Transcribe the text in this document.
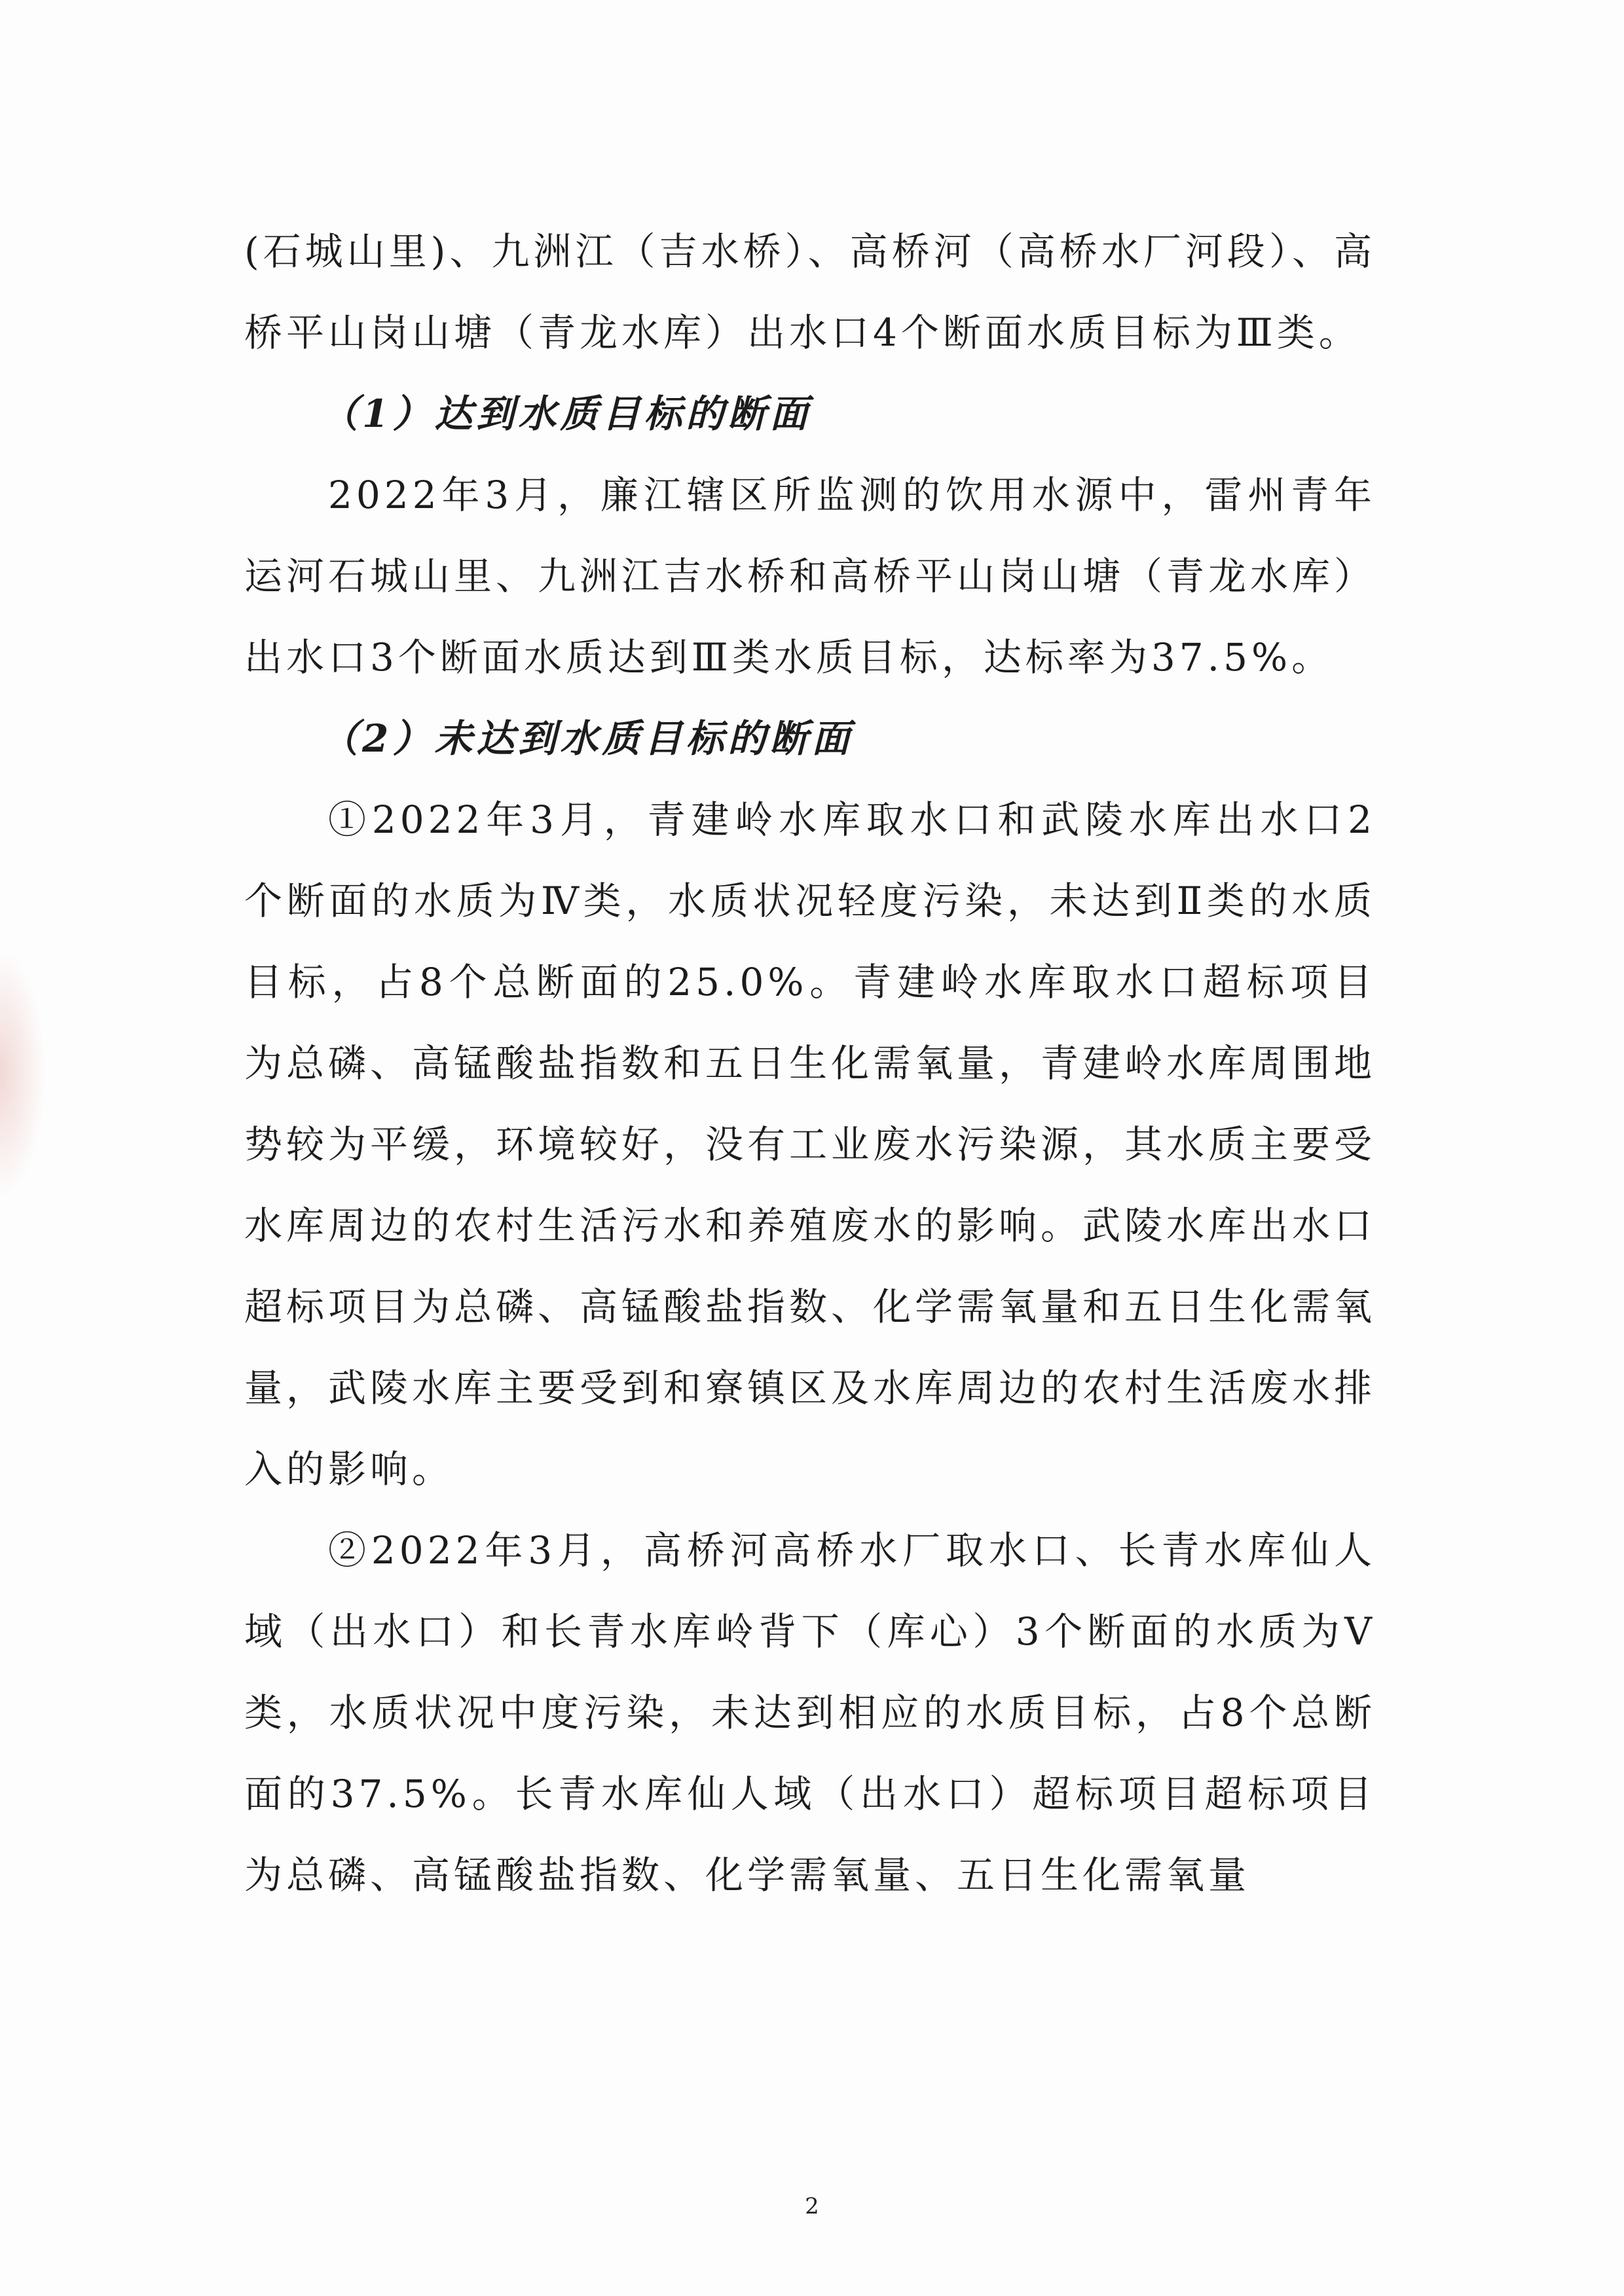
(石城山里)、九洲江（吉水桥）、高桥河（高桥水厂河段）、高桥平山岗山塘（青龙水库）出水口4个断面水质目标为Ⅲ类。

（1）达到水质目标的断面

2022年3月，廉江辖区所监测的饮用水源中，雷州青年运河石城山里、九洲江吉水桥和高桥平山岗山塘（青龙水库）出水口3个断面水质达到Ⅲ类水质目标，达标率为37.5%。

（2）未达到水质目标的断面

①2022年3月，青建岭水库取水口和武陵水库出水口2个断面的水质为Ⅳ类，水质状况轻度污染，未达到Ⅱ类的水质目标，占8个总断面的25.0%。青建岭水库取水口超标项目为总磷、高锰酸盐指数和五日生化需氧量，青建岭水库周围地势较为平缓，环境较好，没有工业废水污染源，其水质主要受水库周边的农村生活污水和养殖废水的影响。武陵水库出水口超标项目为总磷、高锰酸盐指数、化学需氧量和五日生化需氧量，武陵水库主要受到和寮镇区及水库周边的农村生活废水排入的影响。

②2022年3月，高桥河高桥水厂取水口、长青水库仙人域（出水口）和长青水库岭背下（库心）3个断面的水质为Ⅴ类，水质状况中度污染，未达到相应的水质目标，占8个总断面的37.5%。长青水库仙人域（出水口）超标项目超标项目为总磷、高锰酸盐指数、化学需氧量、五日生化需氧量

2
